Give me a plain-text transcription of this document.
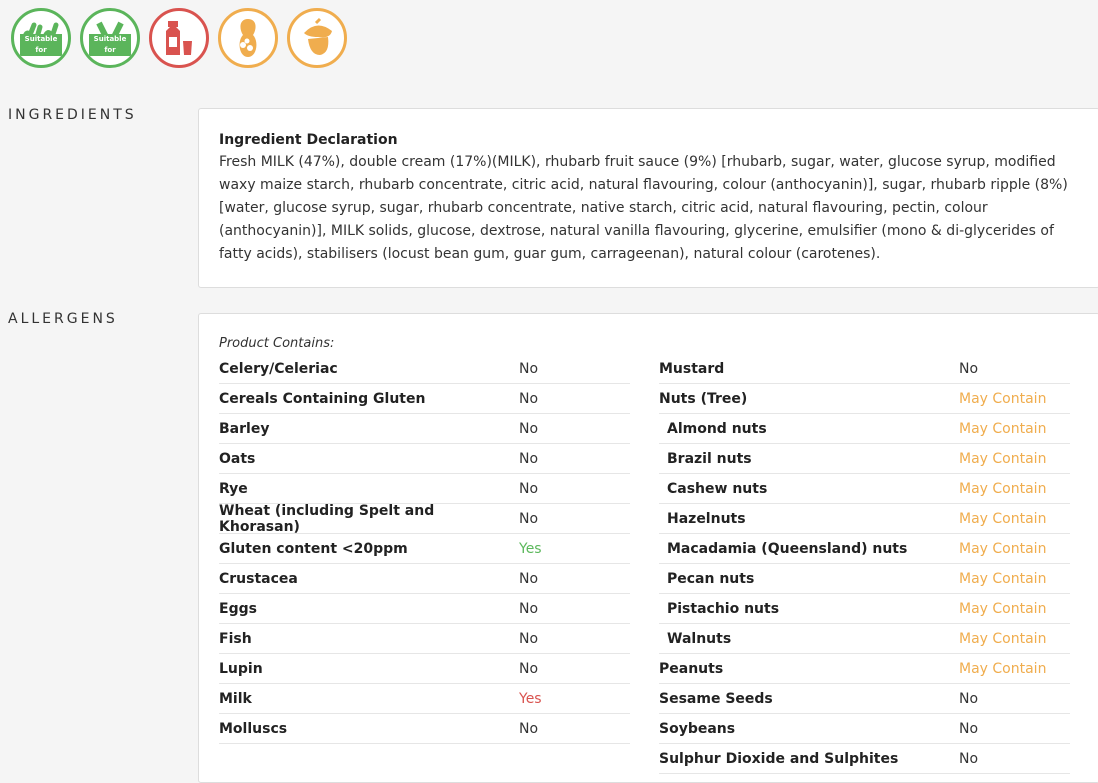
Suitable for
Suitable for
INGREDIENTS
Ingredient Declaration
Fresh MILK (47%), double cream (17%)(MILK), rhubarb fruit sauce (9%) [rhubarb, sugar, water, glucose syrup, modified waxy maize starch, rhubarb concentrate, citric acid, natural flavouring, colour (anthocyanin)], sugar, rhubarb ripple (8%) [water, glucose syrup, sugar, rhubarb concentrate, native starch, citric acid, natural flavouring, pectin, colour (anthocyanin)], MILK solids, glucose, dextrose, natural vanilla flavouring, glycerine, emulsifier (mono & di-glycerides of fatty acids), stabilisers (locust bean gum, guar gum, carrageenan), natural colour (carotenes).
ALLERGENS
Product Contains:
Celery/Celeriac	No
Cereals Containing Gluten	No
Barley	No
Oats	No
Rye	No
Wheat (including Spelt and Khorasan)	No
Gluten content <20ppm	Yes
Crustacea	No
Eggs	No
Fish	No
Lupin	No
Milk	Yes
Molluscs	No
Mustard	No
Nuts (Tree)	May Contain
Almond nuts	May Contain
Brazil nuts	May Contain
Cashew nuts	May Contain
Hazelnuts	May Contain
Macadamia (Queensland) nuts	May Contain
Pecan nuts	May Contain
Pistachio nuts	May Contain
Walnuts	May Contain
Peanuts	May Contain
Sesame Seeds	No
Soybeans	No
Sulphur Dioxide and Sulphites	No
